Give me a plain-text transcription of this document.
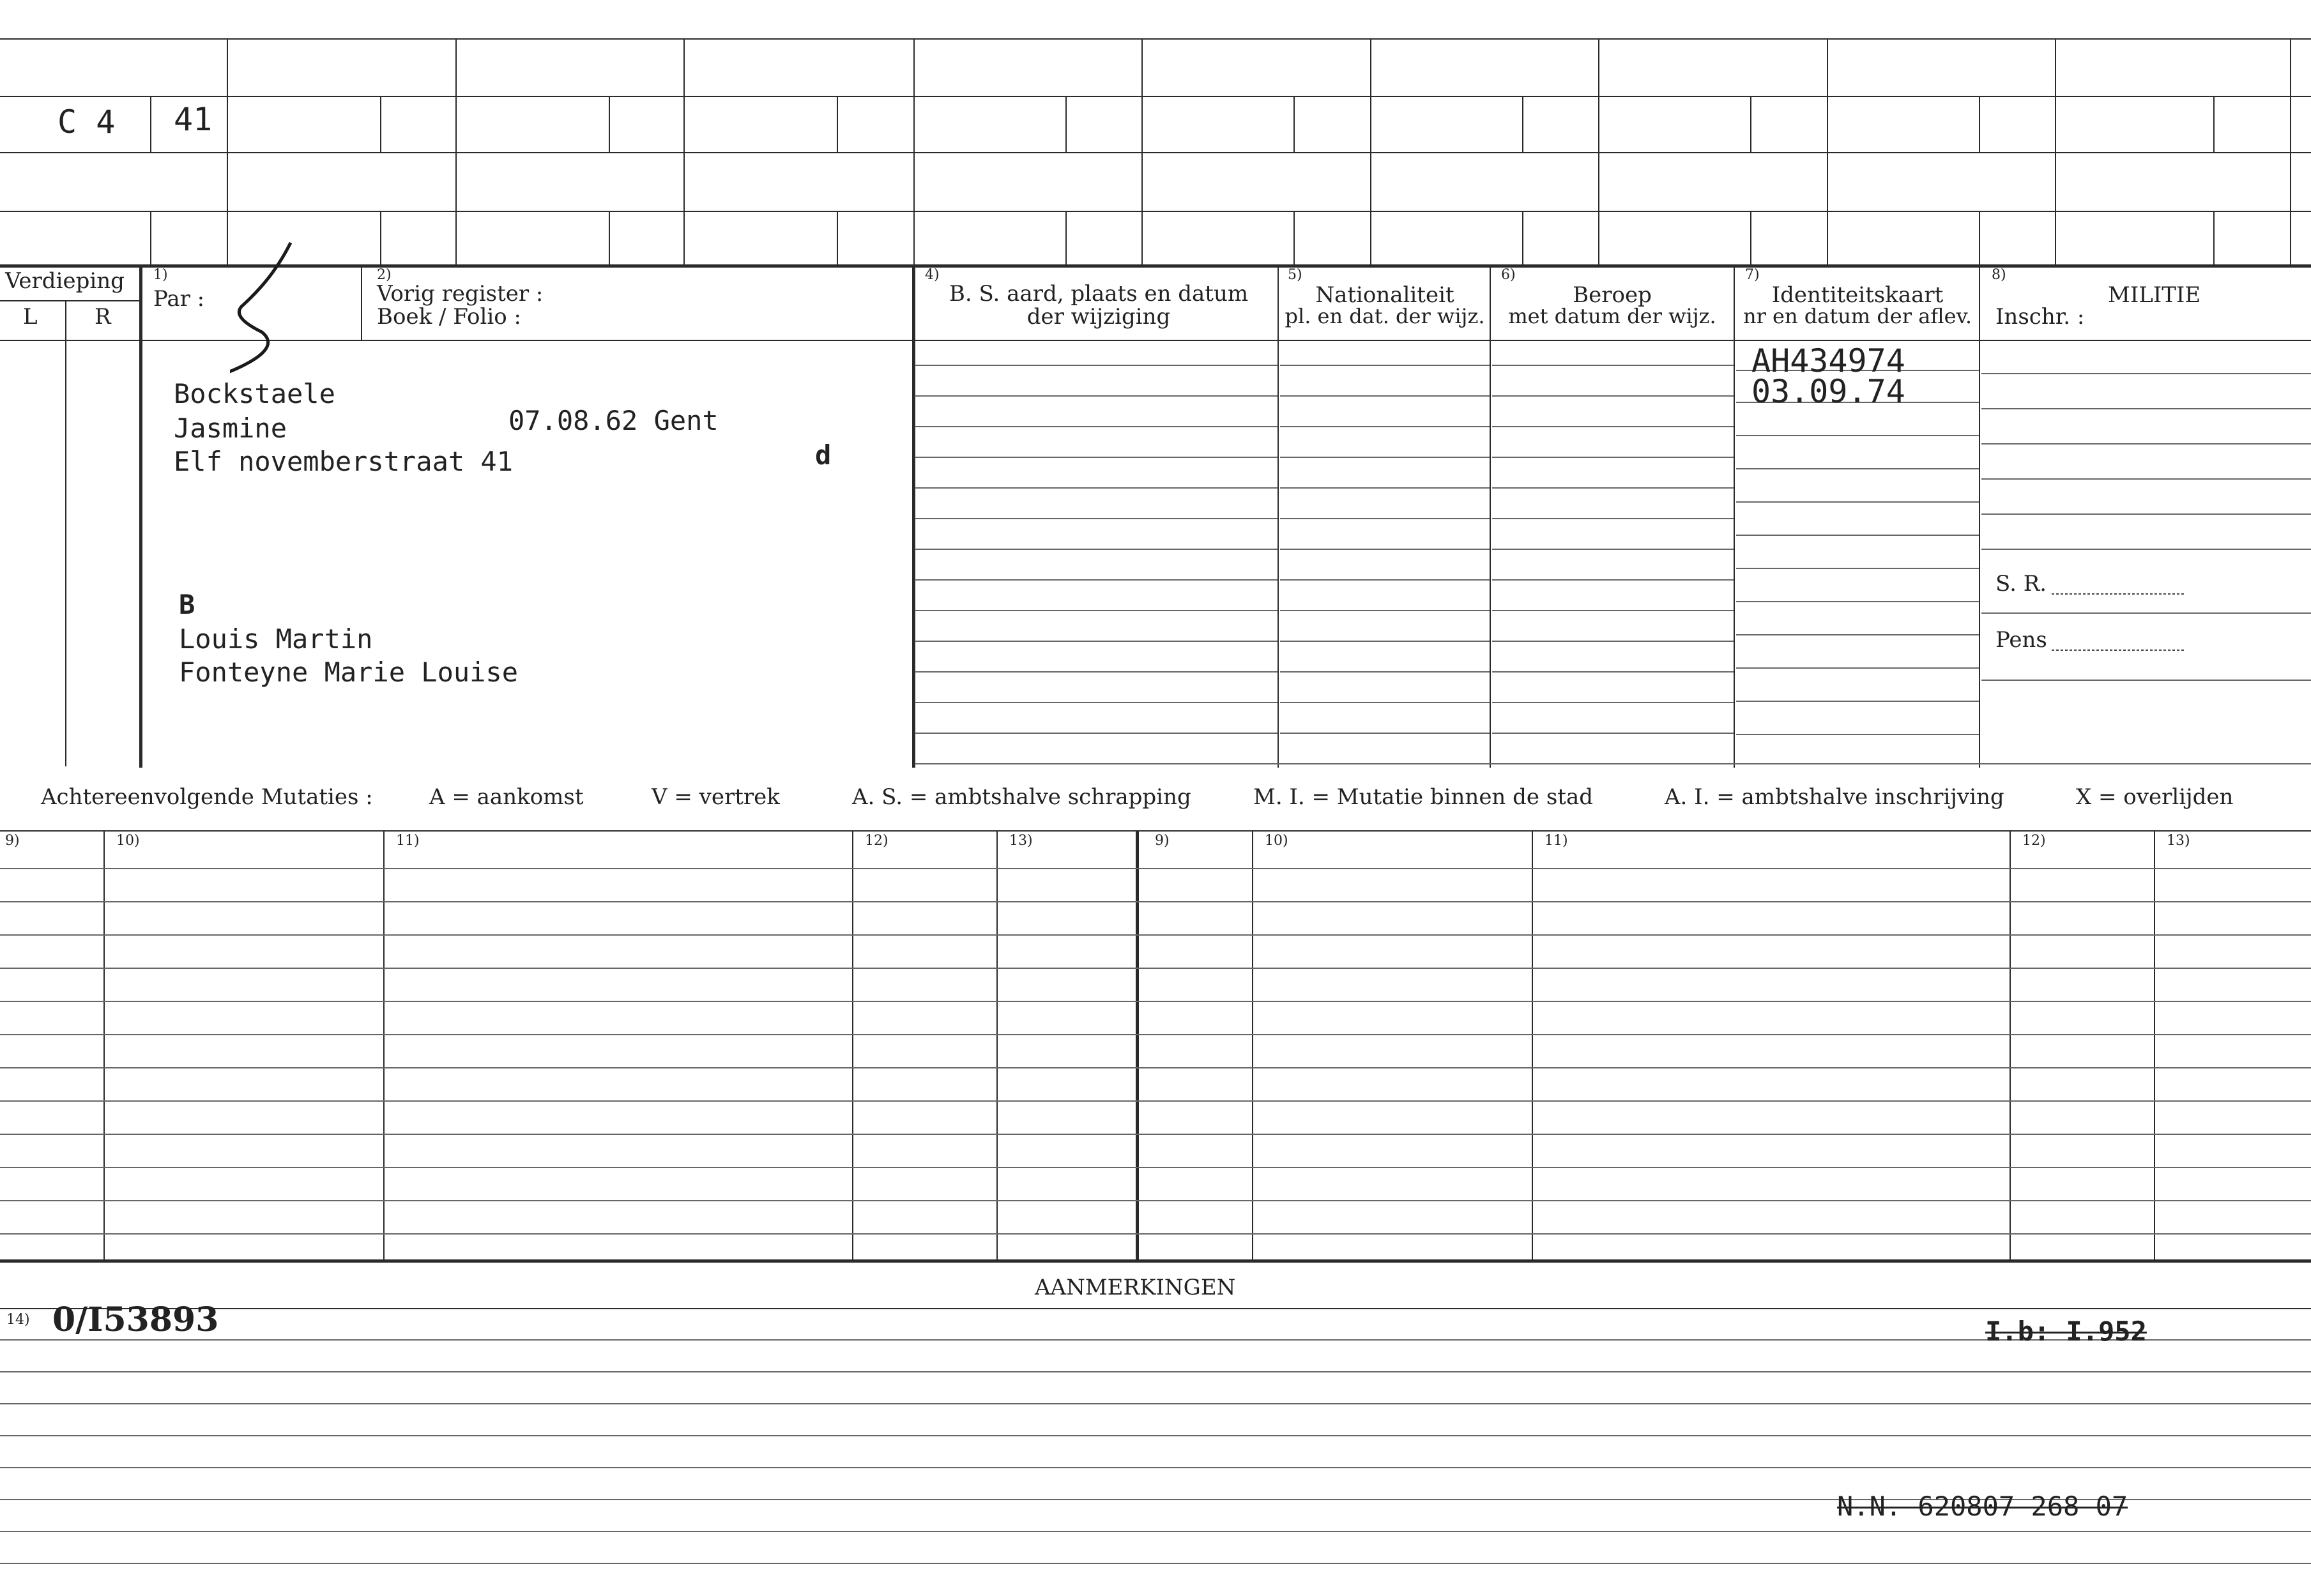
C 4 41
Verdieping
L	R
1)
Par :
2)
Vorig register :
Boek / Folio :
4)
B. S. aard, plaats en datum
der wijziging
5)
Nationaliteit
pl. en dat. der wijz.
6)
Beroep
met datum der wijz.
7)
Identiteitskaart
nr en datum der aflev.
8)
MILITIE
Inschr. :
Bockstaele
Jasmine	07.08.62 Gent
Elf novemberstraat 41	d
B
Louis Martin
Fonteyne Marie Louise
AH434974
03.09.74
S. R.
Pens
Achtereenvolgende Mutaties :	A = aankomst	V = vertrek	A. S. = ambtshalve schrapping	M. I. = Mutatie binnen de stad	A. I. = ambtshalve inschrijving	X = overlijden
9)	10)	11)	12)	13)	9)	10)	11)	12)	13)
AANMERKINGEN
14) 0/I53893	I.b: I.952
N.N. 620807 268 07
